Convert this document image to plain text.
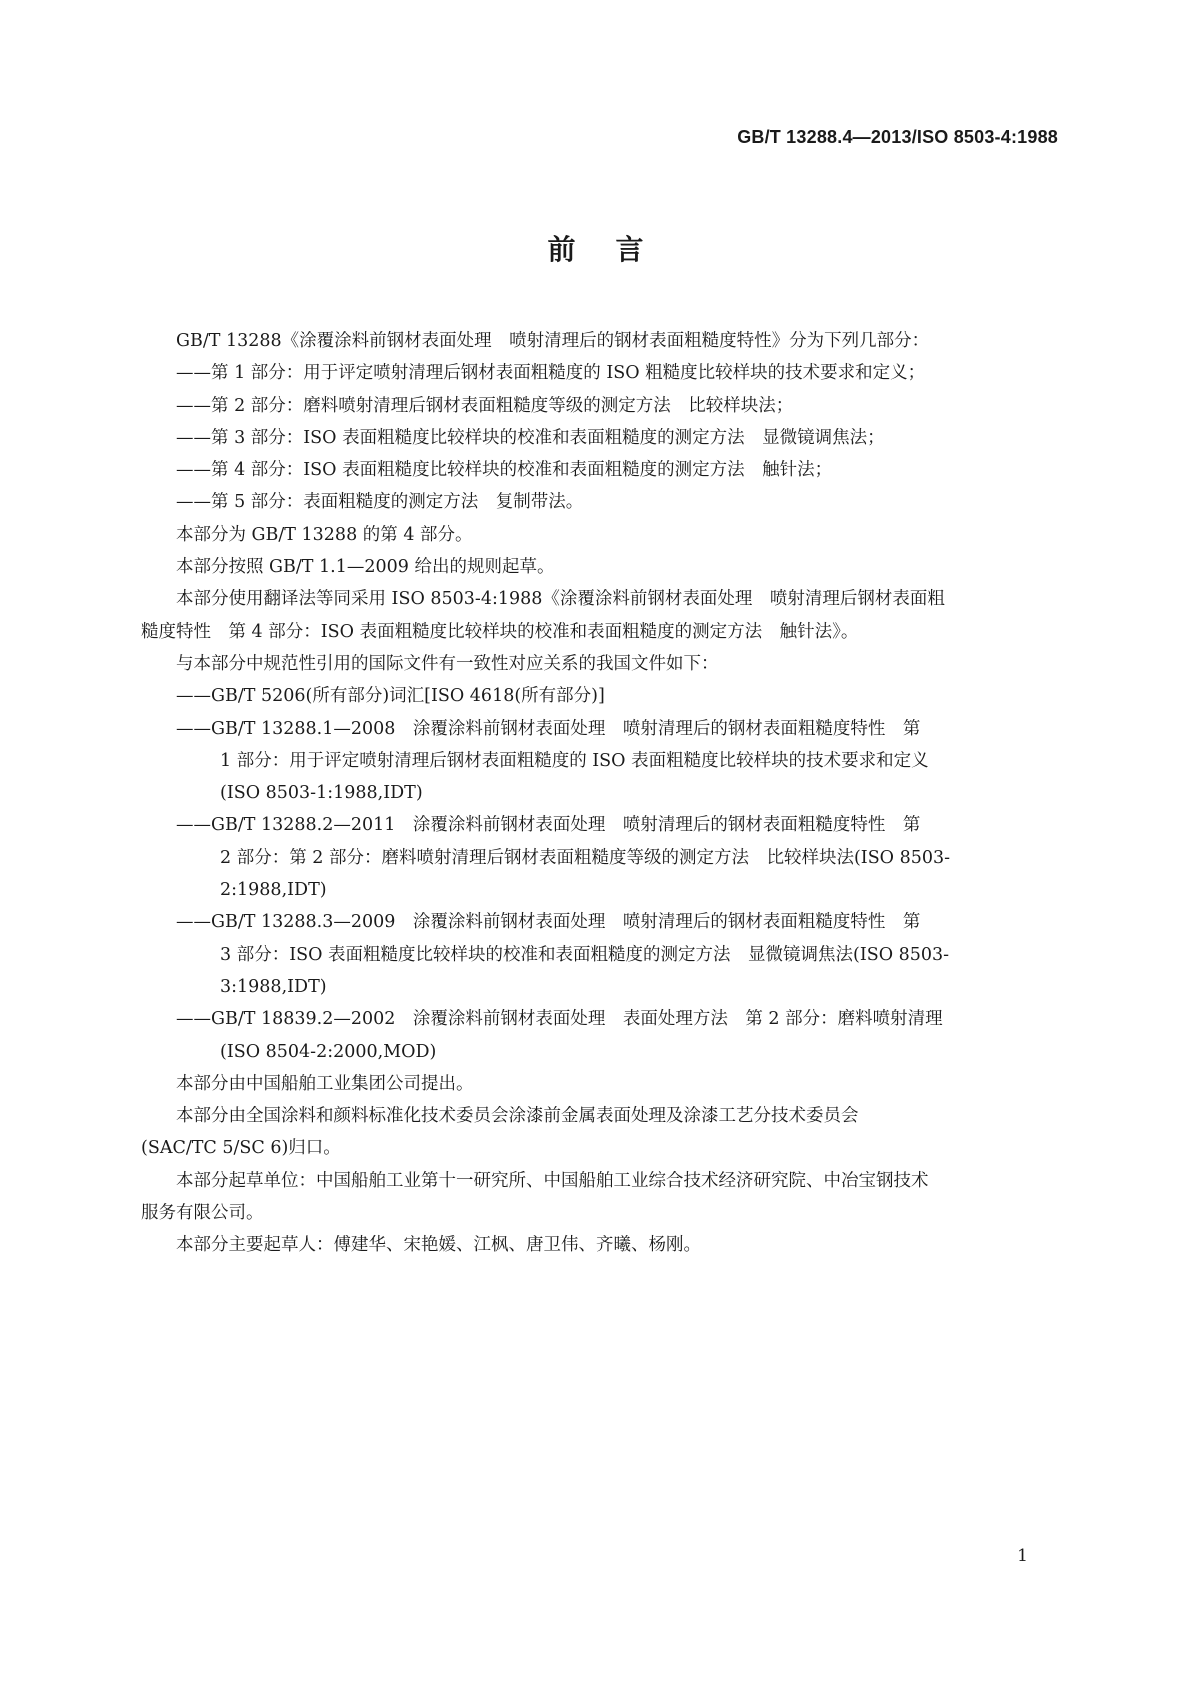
GB/T 13288.4—2013/ISO 8503-4:1988
前言
GB/T 13288《涂覆涂料前钢材表面处理　喷射清理后的钢材表面粗糙度特性》分为下列几部分：
——第 1 部分：用于评定喷射清理后钢材表面粗糙度的 ISO 粗糙度比较样块的技术要求和定义；
——第 2 部分：磨料喷射清理后钢材表面粗糙度等级的测定方法　比较样块法；
——第 3 部分：ISO 表面粗糙度比较样块的校准和表面粗糙度的测定方法　显微镜调焦法；
——第 4 部分：ISO 表面粗糙度比较样块的校准和表面粗糙度的测定方法　触针法；
——第 5 部分：表面粗糙度的测定方法　复制带法。
本部分为 GB/T 13288 的第 4 部分。
本部分按照 GB/T 1.1—2009 给出的规则起草。
本部分使用翻译法等同采用 ISO 8503-4:1988《涂覆涂料前钢材表面处理　喷射清理后钢材表面粗
糙度特性　第 4 部分：ISO 表面粗糙度比较样块的校准和表面粗糙度的测定方法　触针法》。
与本部分中规范性引用的国际文件有一致性对应关系的我国文件如下：
——GB/T 5206(所有部分)词汇[ISO 4618(所有部分)]
——GB/T 13288.1—2008　涂覆涂料前钢材表面处理　喷射清理后的钢材表面粗糙度特性　第
1 部分：用于评定喷射清理后钢材表面粗糙度的 ISO 表面粗糙度比较样块的技术要求和定义
(ISO 8503-1:1988,IDT)
——GB/T 13288.2—2011　涂覆涂料前钢材表面处理　喷射清理后的钢材表面粗糙度特性　第
2 部分：第 2 部分：磨料喷射清理后钢材表面粗糙度等级的测定方法　比较样块法(ISO 8503-
2:1988,IDT)
——GB/T 13288.3—2009　涂覆涂料前钢材表面处理　喷射清理后的钢材表面粗糙度特性　第
3 部分：ISO 表面粗糙度比较样块的校准和表面粗糙度的测定方法　显微镜调焦法(ISO 8503-
3:1988,IDT)
——GB/T 18839.2—2002　涂覆涂料前钢材表面处理　表面处理方法　第 2 部分：磨料喷射清理
(ISO 8504-2:2000,MOD)
本部分由中国船舶工业集团公司提出。
本部分由全国涂料和颜料标准化技术委员会涂漆前金属表面处理及涂漆工艺分技术委员会
(SAC/TC 5/SC 6)归口。
本部分起草单位：中国船舶工业第十一研究所、中国船舶工业综合技术经济研究院、中冶宝钢技术
服务有限公司。
本部分主要起草人：傅建华、宋艳媛、江枫、唐卫伟、齐曦、杨刚。
1
